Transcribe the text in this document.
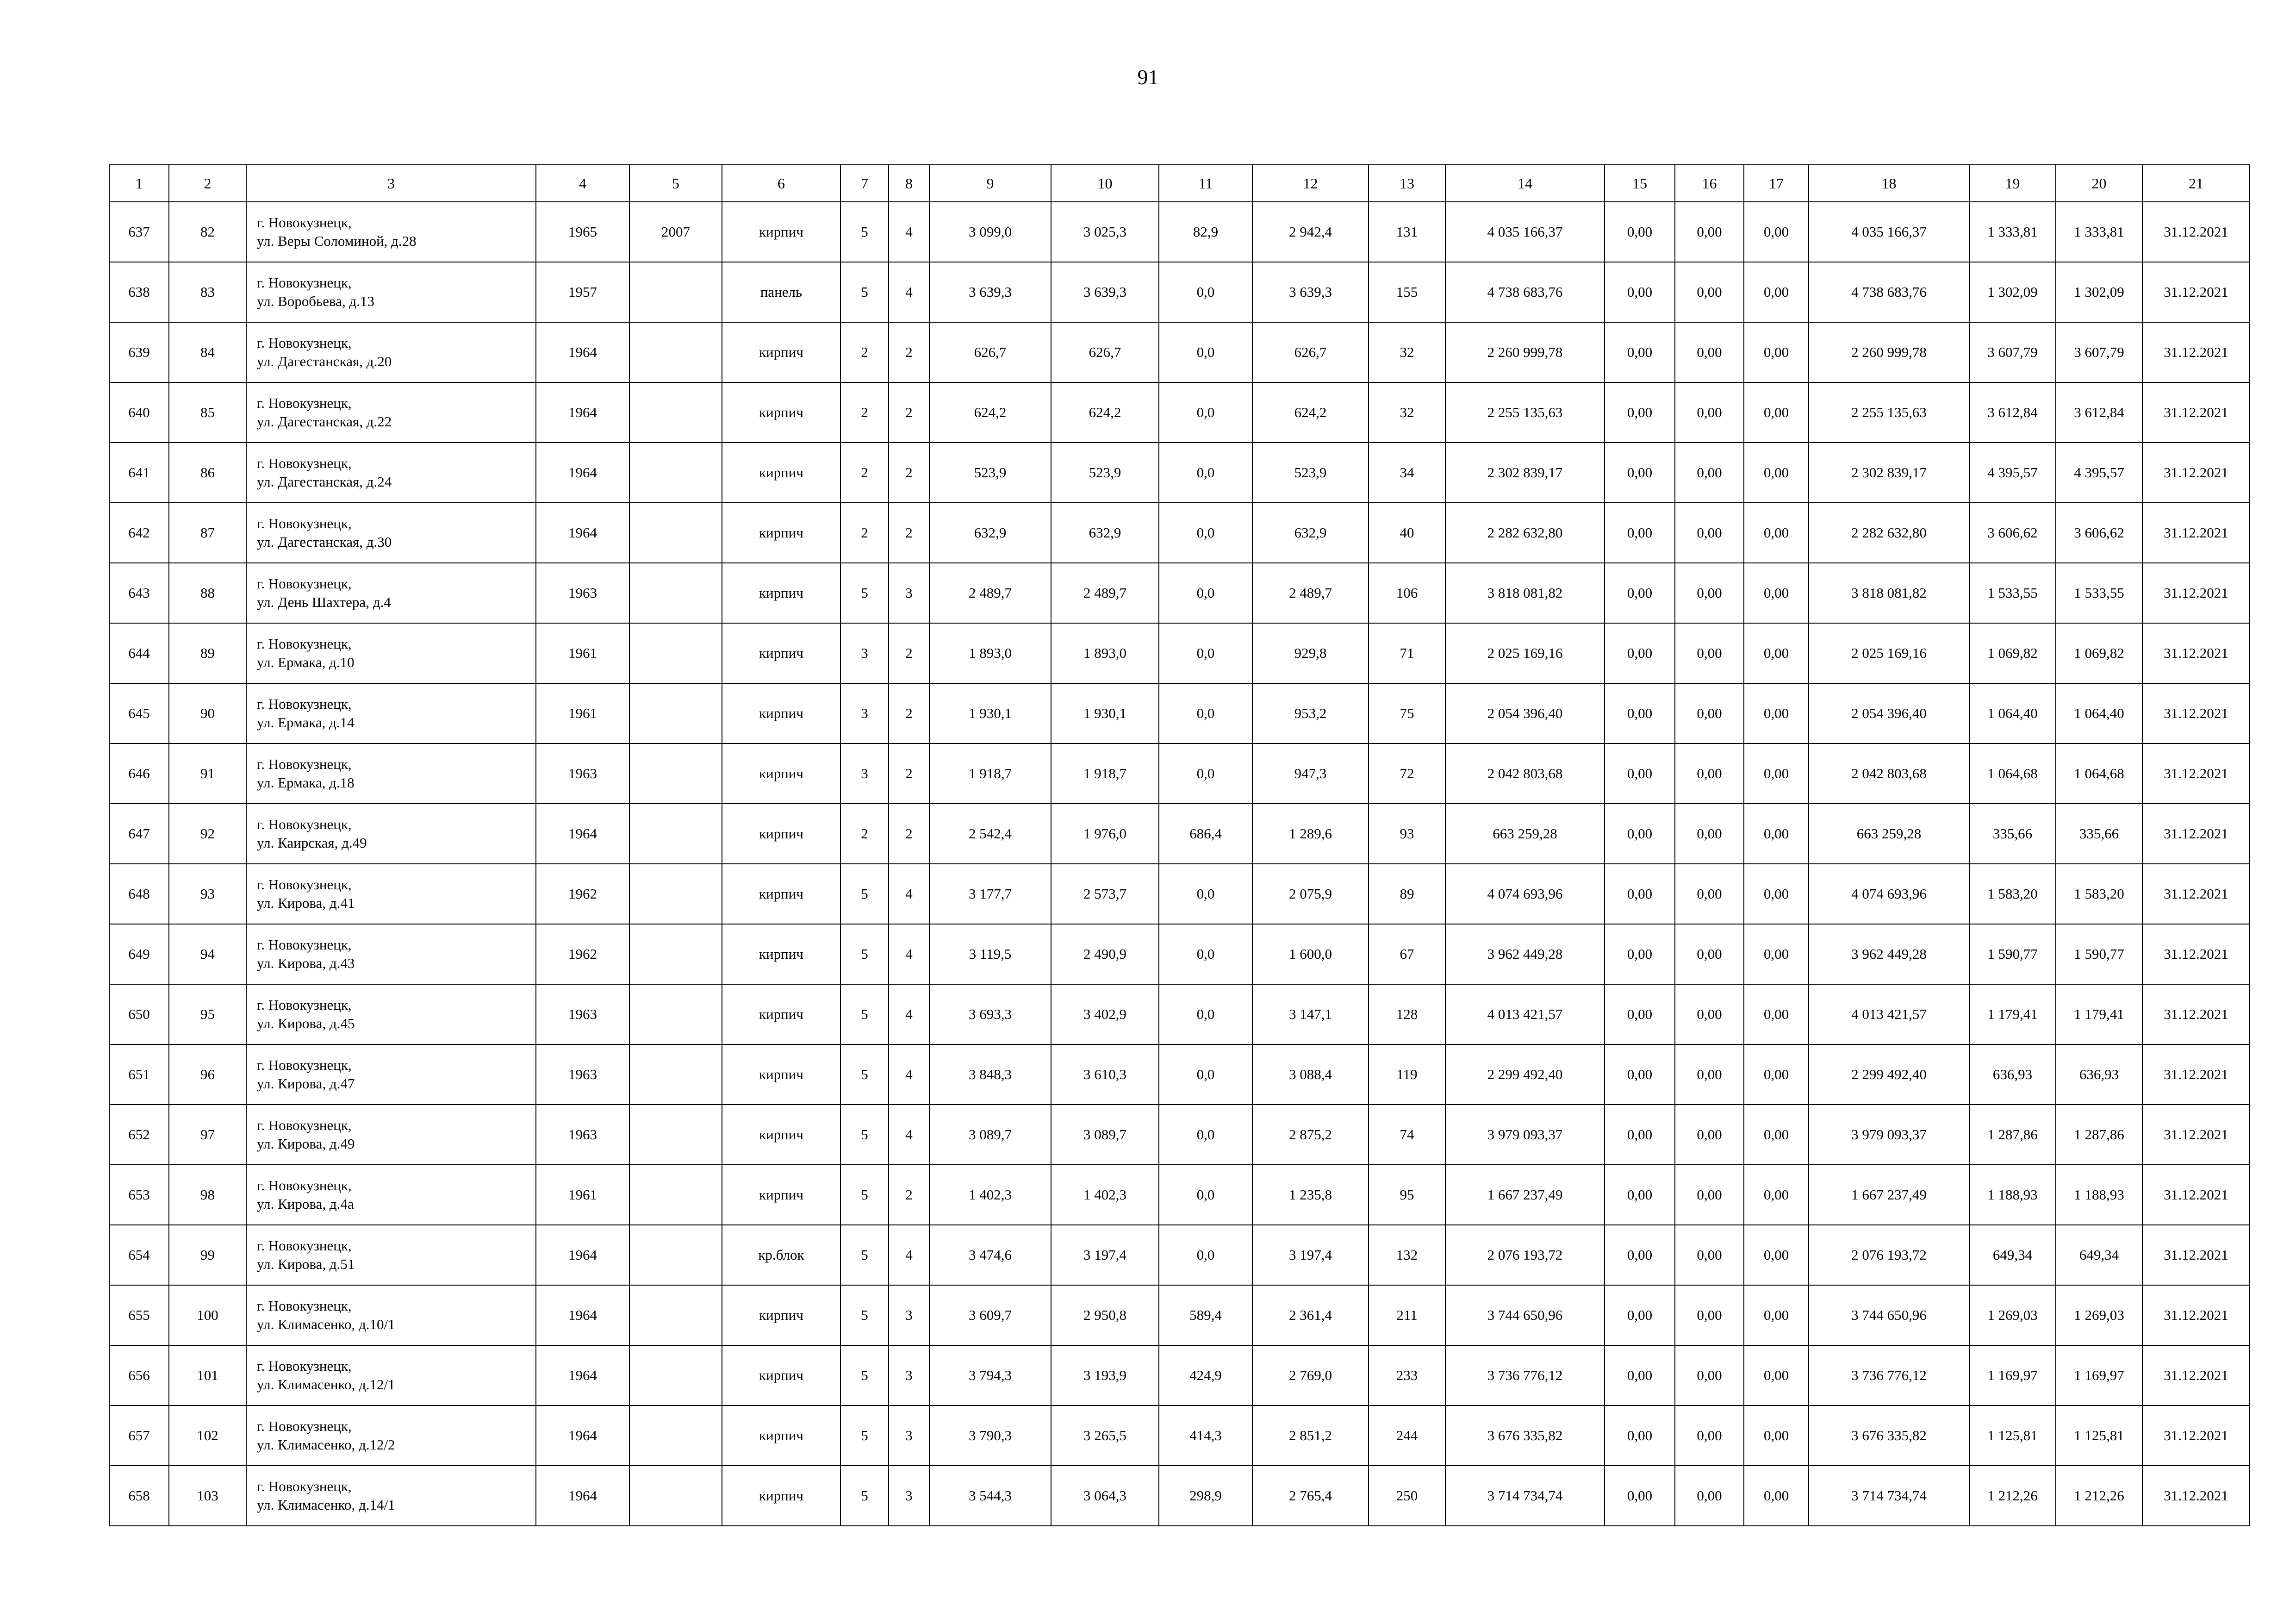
91
1	2	3	4	5	6	7	8	9	10	11	12	13	14	15	16	17	18	19	20	21
637	82	г. Новокузнецк,
ул. Веры Соломиной, д.28	1965	2007	кирпич	5	4	3 099,0	3 025,3	82,9	2 942,4	131	4 035 166,37	0,00	0,00	0,00	4 035 166,37	1 333,81	1 333,81	31.12.2021
638	83	г. Новокузнецк,
ул. Воробьева, д.13	1957		панель	5	4	3 639,3	3 639,3	0,0	3 639,3	155	4 738 683,76	0,00	0,00	0,00	4 738 683,76	1 302,09	1 302,09	31.12.2021
639	84	г. Новокузнецк,
ул. Дагестанская, д.20	1964		кирпич	2	2	626,7	626,7	0,0	626,7	32	2 260 999,78	0,00	0,00	0,00	2 260 999,78	3 607,79	3 607,79	31.12.2021
640	85	г. Новокузнецк,
ул. Дагестанская, д.22	1964		кирпич	2	2	624,2	624,2	0,0	624,2	32	2 255 135,63	0,00	0,00	0,00	2 255 135,63	3 612,84	3 612,84	31.12.2021
641	86	г. Новокузнецк,
ул. Дагестанская, д.24	1964		кирпич	2	2	523,9	523,9	0,0	523,9	34	2 302 839,17	0,00	0,00	0,00	2 302 839,17	4 395,57	4 395,57	31.12.2021
642	87	г. Новокузнецк,
ул. Дагестанская, д.30	1964		кирпич	2	2	632,9	632,9	0,0	632,9	40	2 282 632,80	0,00	0,00	0,00	2 282 632,80	3 606,62	3 606,62	31.12.2021
643	88	г. Новокузнецк,
ул. День Шахтера, д.4	1963		кирпич	5	3	2 489,7	2 489,7	0,0	2 489,7	106	3 818 081,82	0,00	0,00	0,00	3 818 081,82	1 533,55	1 533,55	31.12.2021
644	89	г. Новокузнецк,
ул. Ермака, д.10	1961		кирпич	3	2	1 893,0	1 893,0	0,0	929,8	71	2 025 169,16	0,00	0,00	0,00	2 025 169,16	1 069,82	1 069,82	31.12.2021
645	90	г. Новокузнецк,
ул. Ермака, д.14	1961		кирпич	3	2	1 930,1	1 930,1	0,0	953,2	75	2 054 396,40	0,00	0,00	0,00	2 054 396,40	1 064,40	1 064,40	31.12.2021
646	91	г. Новокузнецк,
ул. Ермака, д.18	1963		кирпич	3	2	1 918,7	1 918,7	0,0	947,3	72	2 042 803,68	0,00	0,00	0,00	2 042 803,68	1 064,68	1 064,68	31.12.2021
647	92	г. Новокузнецк,
ул. Каирская, д.49	1964		кирпич	2	2	2 542,4	1 976,0	686,4	1 289,6	93	663 259,28	0,00	0,00	0,00	663 259,28	335,66	335,66	31.12.2021
648	93	г. Новокузнецк,
ул. Кирова, д.41	1962		кирпич	5	4	3 177,7	2 573,7	0,0	2 075,9	89	4 074 693,96	0,00	0,00	0,00	4 074 693,96	1 583,20	1 583,20	31.12.2021
649	94	г. Новокузнецк,
ул. Кирова, д.43	1962		кирпич	5	4	3 119,5	2 490,9	0,0	1 600,0	67	3 962 449,28	0,00	0,00	0,00	3 962 449,28	1 590,77	1 590,77	31.12.2021
650	95	г. Новокузнецк,
ул. Кирова, д.45	1963		кирпич	5	4	3 693,3	3 402,9	0,0	3 147,1	128	4 013 421,57	0,00	0,00	0,00	4 013 421,57	1 179,41	1 179,41	31.12.2021
651	96	г. Новокузнецк,
ул. Кирова, д.47	1963		кирпич	5	4	3 848,3	3 610,3	0,0	3 088,4	119	2 299 492,40	0,00	0,00	0,00	2 299 492,40	636,93	636,93	31.12.2021
652	97	г. Новокузнецк,
ул. Кирова, д.49	1963		кирпич	5	4	3 089,7	3 089,7	0,0	2 875,2	74	3 979 093,37	0,00	0,00	0,00	3 979 093,37	1 287,86	1 287,86	31.12.2021
653	98	г. Новокузнецк,
ул. Кирова, д.4а	1961		кирпич	5	2	1 402,3	1 402,3	0,0	1 235,8	95	1 667 237,49	0,00	0,00	0,00	1 667 237,49	1 188,93	1 188,93	31.12.2021
654	99	г. Новокузнецк,
ул. Кирова, д.51	1964		кр.блок	5	4	3 474,6	3 197,4	0,0	3 197,4	132	2 076 193,72	0,00	0,00	0,00	2 076 193,72	649,34	649,34	31.12.2021
655	100	г. Новокузнецк,
ул. Климасенко, д.10/1	1964		кирпич	5	3	3 609,7	2 950,8	589,4	2 361,4	211	3 744 650,96	0,00	0,00	0,00	3 744 650,96	1 269,03	1 269,03	31.12.2021
656	101	г. Новокузнецк,
ул. Климасенко, д.12/1	1964		кирпич	5	3	3 794,3	3 193,9	424,9	2 769,0	233	3 736 776,12	0,00	0,00	0,00	3 736 776,12	1 169,97	1 169,97	31.12.2021
657	102	г. Новокузнецк,
ул. Климасенко, д.12/2	1964		кирпич	5	3	3 790,3	3 265,5	414,3	2 851,2	244	3 676 335,82	0,00	0,00	0,00	3 676 335,82	1 125,81	1 125,81	31.12.2021
658	103	г. Новокузнецк,
ул. Климасенко, д.14/1	1964		кирпич	5	3	3 544,3	3 064,3	298,9	2 765,4	250	3 714 734,74	0,00	0,00	0,00	3 714 734,74	1 212,26	1 212,26	31.12.2021
